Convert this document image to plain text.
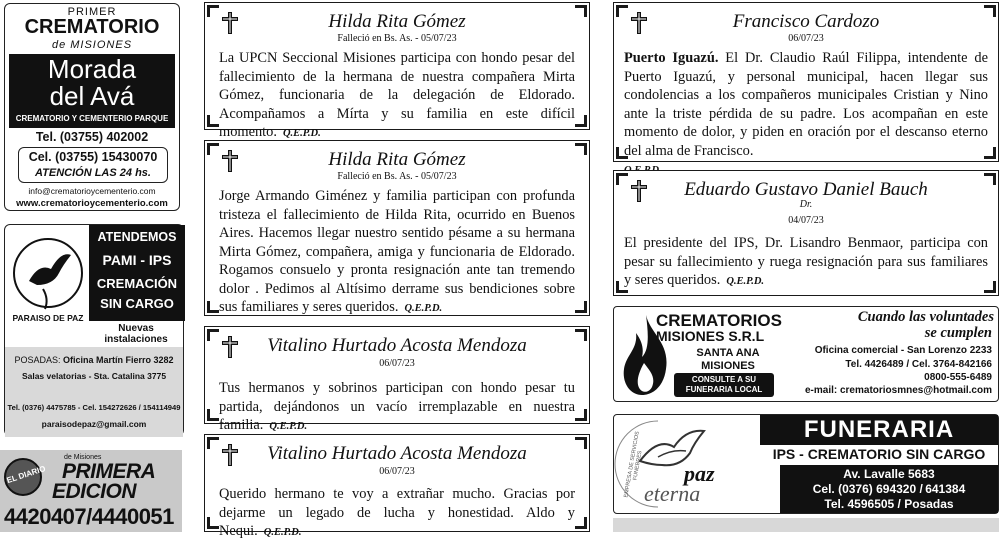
PRIMER
CREMATORIO
de MISIONES
Morada
del Avá
CREMATORIO Y CEMENTERIO PARQUE
Tel. (03755) 402002
Cel. (03755) 15430070
ATENCIÓN LAS 24 hs.
info@crematorioycementerio.com
www.crematorioycementerio.com
PARAISO DE PAZ
ATENDEMOS
PAMI - IPS
CREMACIÓN
SIN CARGO
Nuevas instalaciones
POSADAS: Oficina Martín Fierro 3282
Salas velatorias - Sta. Catalina 3775
Tel. (0376) 4475785 - Cel. 154272626 / 154114949
paraisodepaz@gmail.com
EL DIARIO
de Misiones
PRIMERA
EDICION
4420407/4440051
Hilda Rita Gómez
Falleció en Bs. As. - 05/07/23
La UPCN Seccional Misiones participa con hondo pesar del fallecimiento de la hermana de nuestra compañera Mirta Gómez, funcionaria de la delegación de Eldorado. Acompañamos a Mírta y su familia en este difícil momento. Q.E.P.D.
Hilda Rita Gómez
Falleció en Bs. As. - 05/07/23
Jorge Armando Giménez y familia participan con profunda tristeza el fallecimiento de Hilda Rita, ocurrido en Buenos Aires. Hacemos llegar nuestro sentido pésame a su hermana Mirta Gómez, compañera, amiga y funcionaria de Eldorado. Rogamos consuelo y pronta resignación ante tan tremendo dolor . Pedimos al Altísimo derrame sus bendiciones sobre sus familiares y seres queridos. Q.E.P.D.
Vitalino Hurtado Acosta Mendoza
06/07/23
Tus hermanos y sobrinos participan con hondo pesar tu partida, dejándonos un vacío irremplazable en nuestra familia. Q.E.P.D.
Vitalino Hurtado Acosta Mendoza
06/07/23
Querido hermano te voy a extrañar mucho. Gracias por dejarme un legado de lucha y honestidad. Aldo y Nequi. Q.E.P.D.
Francisco Cardozo
06/07/23
Puerto Iguazú. El Dr. Claudio Raúl Filippa, intendente de Puerto Iguazú, y personal municipal, hacen llegar sus condolencias a los compañeros municipales Cristian y Nino ante la triste pérdida de su padre. Los acompañan en este momento de dolor, y piden en oración por el descanso eterno del alma de Francisco.

Eduardo Gustavo Daniel Bauch
Dr.
04/07/23
El presidente del IPS, Dr. Lisandro Benmaor, participa con pesar su fallecimiento y ruega resignación para sus familiares y seres queridos. Q.E.P.D.
CREMATORIOS
MISIONES S.R.L
SANTA ANA
MISIONES
CONSULTE A SU
FUNERARIA LOCAL
Cuando las voluntades
se cumplen
Oficina comercial - San Lorenzo 2233
Tel. 4426489 / Cel. 3764-842166
0800-555-6489
e-mail: crematoriosmnes@hotmail.com
EMPRESA DE SERVICIOS FUNEBRES paz
eterna
FUNERARIA
IPS - CREMATORIO SIN CARGO
Av. Lavalle 5683
Cel. (0376) 694320 / 641384
Tel. 4596505 / Posadas
